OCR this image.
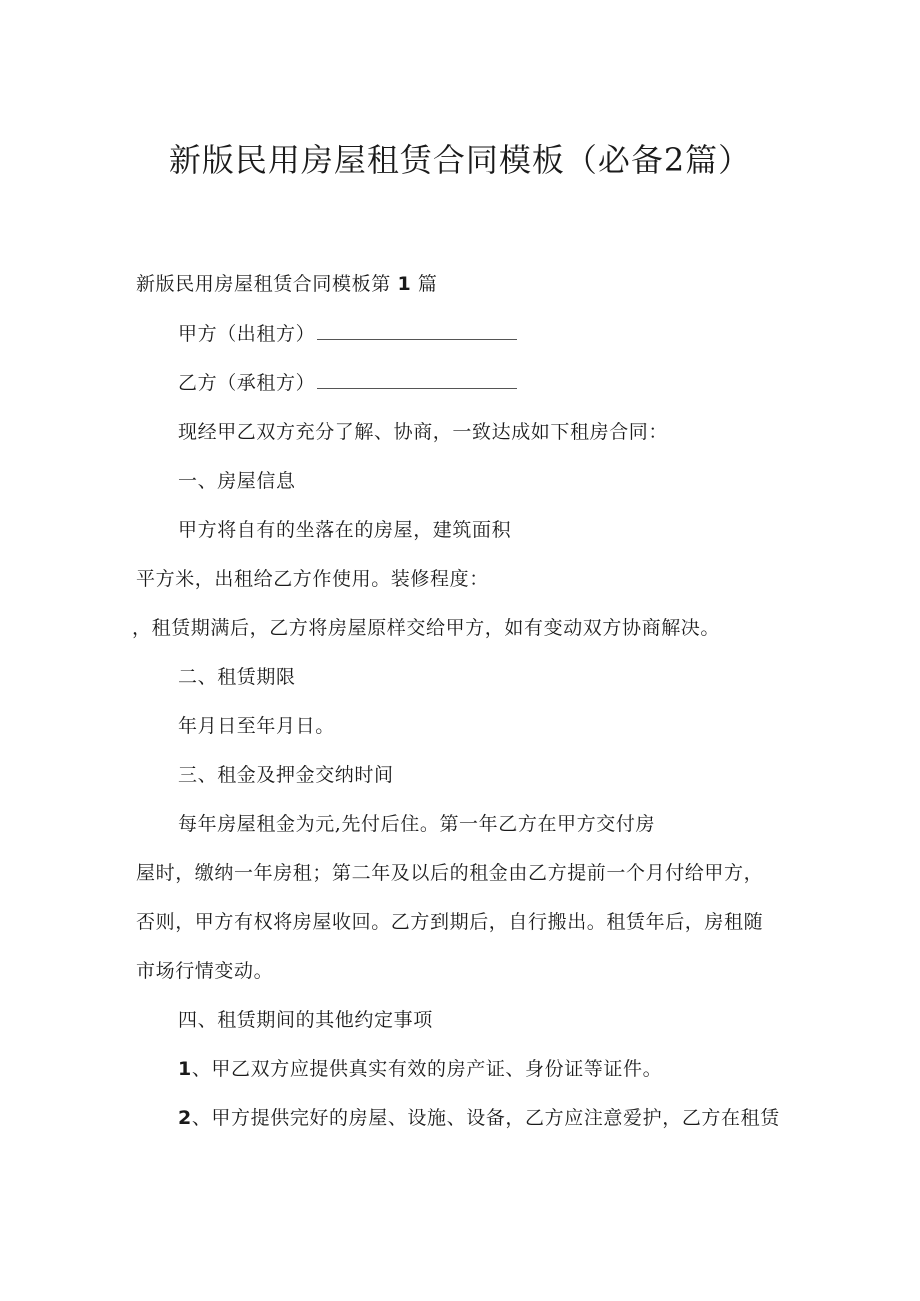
新版民用房屋租赁合同模板（必备2篇）
新版民用房屋租赁合同模板第 1 篇
甲方（出租方）
乙方（承租方）
现经甲乙双方充分了解、协商，一致达成如下租房合同：
一、房屋信息
甲方将自有的坐落在的房屋，建筑面积
平方米，出租给乙方作使用。装修程度：
，租赁期满后，乙方将房屋原样交给甲方，如有变动双方协商解决。
二、租赁期限
年月日至年月日。
三、租金及押金交纳时间
每年房屋租金为元,先付后住。第一年乙方在甲方交付房
屋时，缴纳一年房租；第二年及以后的租金由乙方提前一个月付给甲方，
否则，甲方有权将房屋收回。乙方到期后，自行搬出。租赁年后，房租随
市场行情变动。
四、租赁期间的其他约定事项
1、甲乙双方应提供真实有效的房产证、身份证等证件。
2、甲方提供完好的房屋、设施、设备，乙方应注意爱护，乙方在租赁
